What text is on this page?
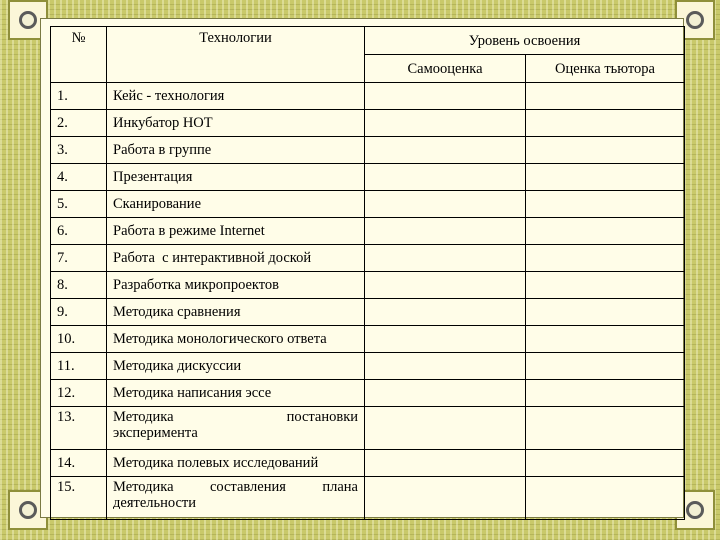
№	Технологии	Уровень освоения	
		Самооценка	Оценка тьютора
1.	Кейс - технология		
2.	Инкубатор НОТ		
3.	Работа в группе		
4.	Презентация		
5.	Сканирование		
6.	Работа в режиме Internet		
7.	Работа  с интерактивной доской		
8.	Разработка микропроектов		
9.	Методика сравнения		
10.	Методика монологического ответа		
11.	Методика дискуссии		
12.	Методика написания эссе		
13.	Методика постановки
эксперимента		

14.	Методика полевых исследований		
15.	Методика составления плана
деятельности		
